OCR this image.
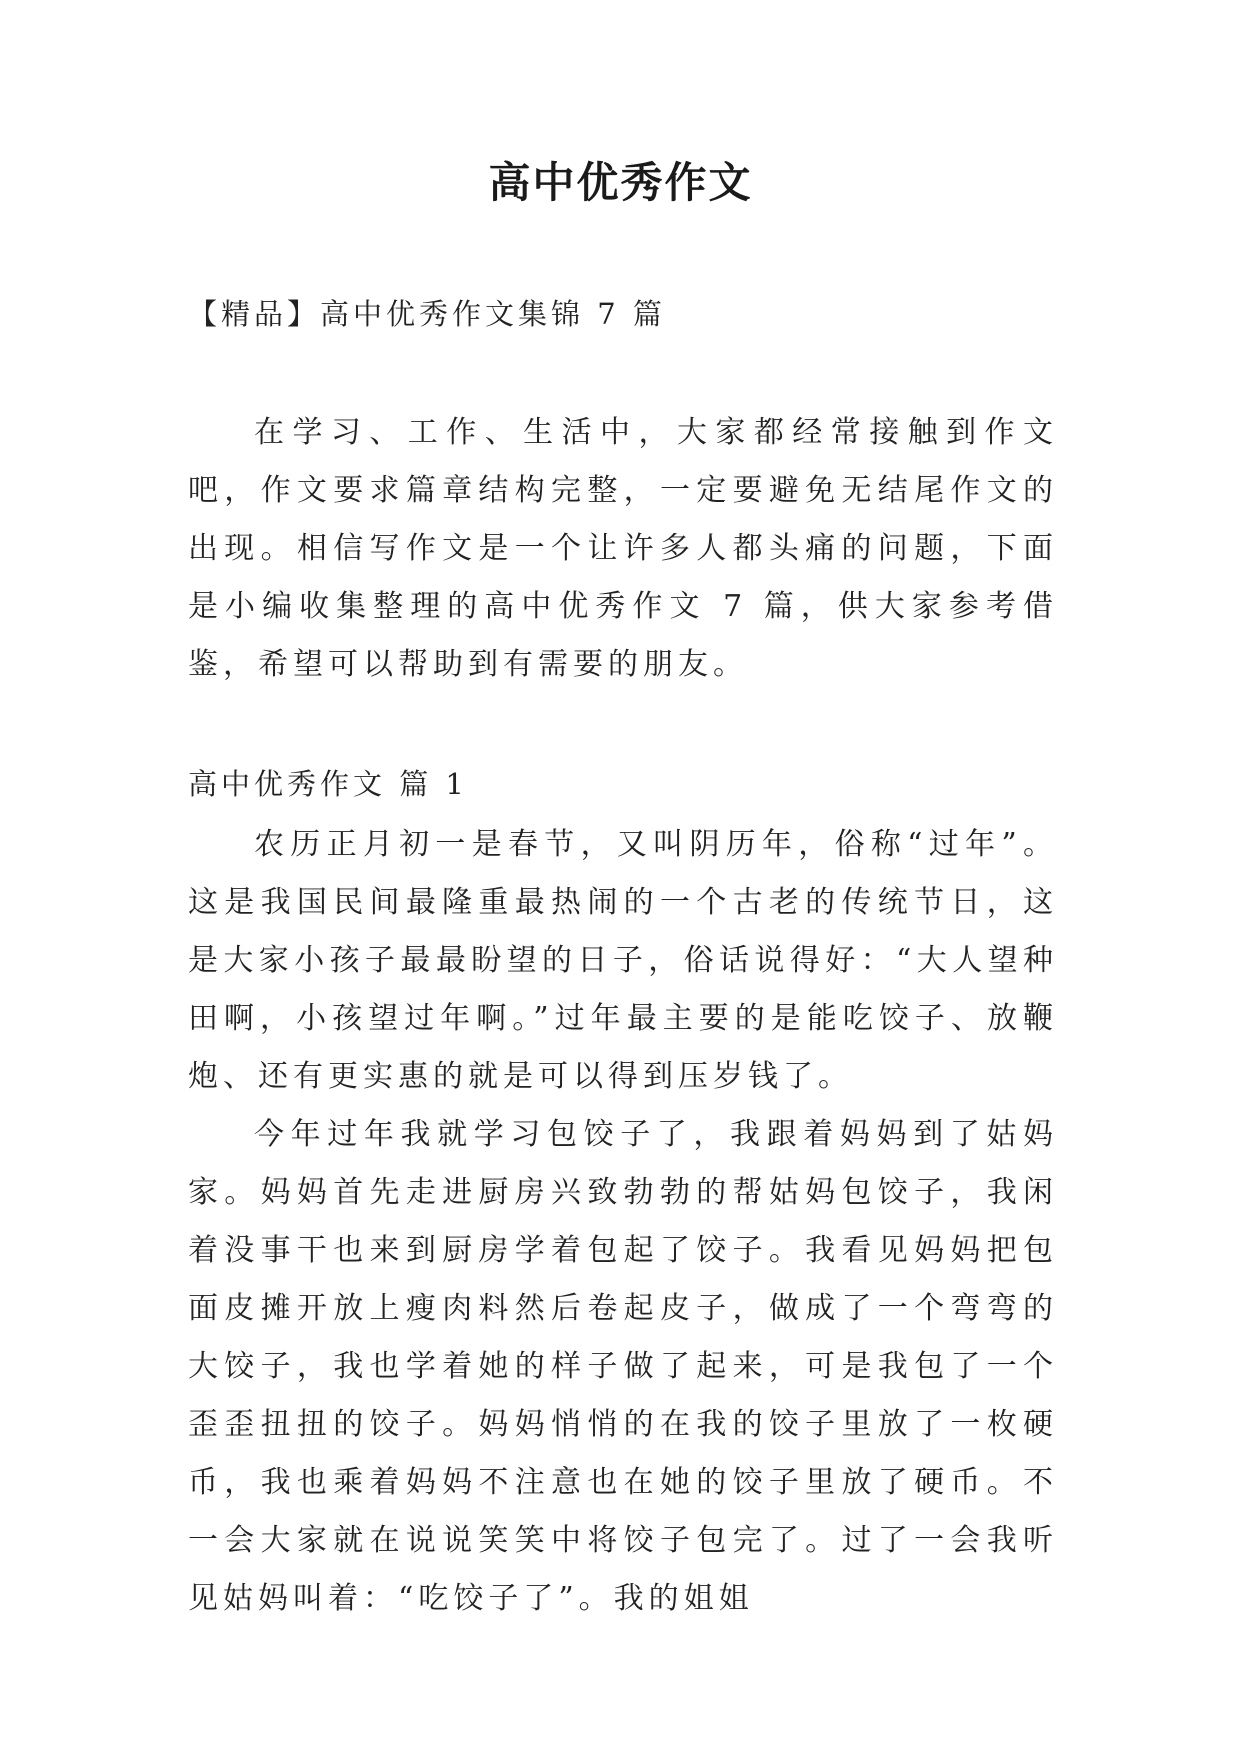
高中优秀作文
【精品】高中优秀作文集锦 7 篇

在学习、工作、生活中，大家都经常接触到作文吧，作文要求篇章结构完整，一定要避免无结尾作文的出现。相信写作文是一个让许多人都头痛的问题，下面是小编收集整理的高中优秀作文 7 篇，供大家参考借鉴，希望可以帮助到有需要的朋友。

高中优秀作文 篇 1

农历正月初一是春节，又叫阴历年，俗称“过年”。这是我国民间最隆重最热闹的一个古老的传统节日，这是大家小孩子最最盼望的日子，俗话说得好：“大人望种田啊，小孩望过年啊。”过年最主要的是能吃饺子、放鞭炮、还有更实惠的就是可以得到压岁钱了。

今年过年我就学习包饺子了，我跟着妈妈到了姑妈家。妈妈首先走进厨房兴致勃勃的帮姑妈包饺子，我闲着没事干也来到厨房学着包起了饺子。我看见妈妈把包面皮摊开放上瘦肉料然后卷起皮子，做成了一个弯弯的大饺子，我也学着她的样子做了起来，可是我包了一个歪歪扭扭的饺子。妈妈悄悄的在我的饺子里放了一枚硬币，我也乘着妈妈不注意也在她的饺子里放了硬币。不一会大家就在说说笑笑中将饺子包完了。过了一会我听见姑妈叫着：“吃饺子了”。我的姐姐
